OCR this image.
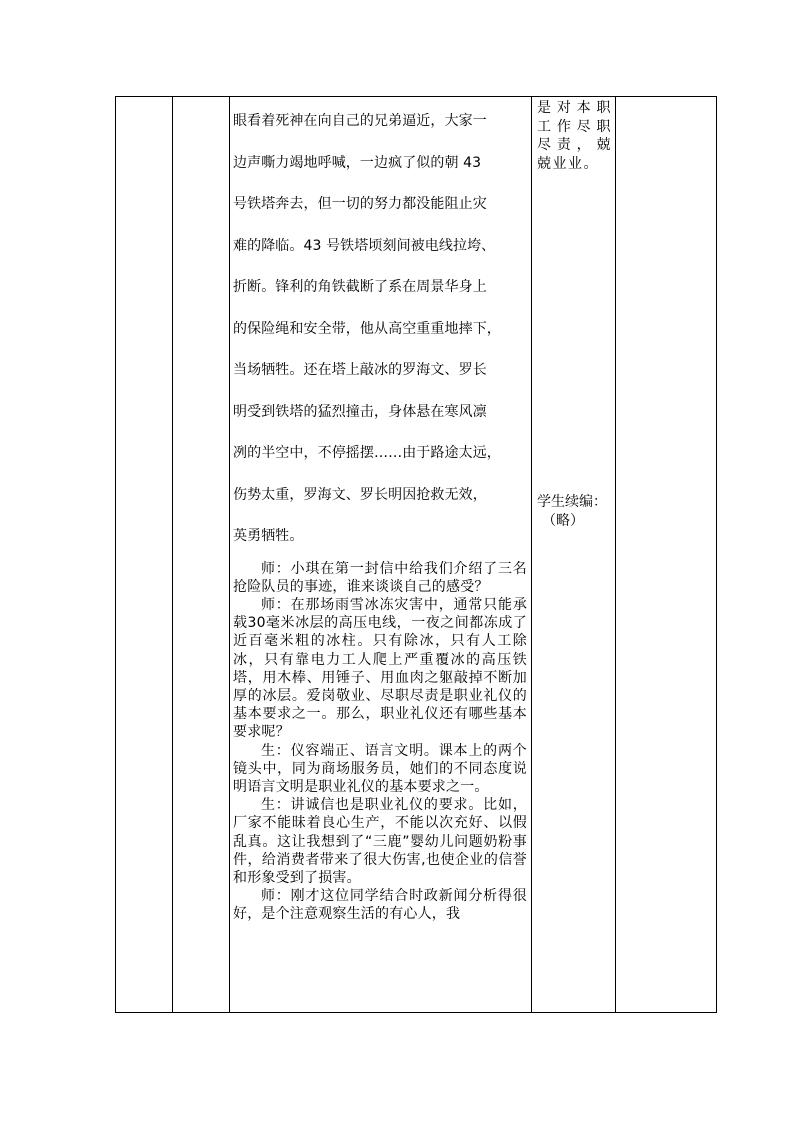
眼看着死神在向自己的兄弟逼近，大家一

边声嘶力竭地呼喊，一边疯了似的朝 43

号铁塔奔去，但一切的努力都没能阻止灾

难的降临。43 号铁塔顷刻间被电线拉垮、

折断。锋利的角铁截断了系在周景华身上

的保险绳和安全带，他从高空重重地摔下，

当场牺牲。还在塔上敲冰的罗海文、罗长

明受到铁塔的猛烈撞击，身体悬在寒风凛

冽的半空中，不停摇摆……由于路途太远，

伤势太重，罗海文、罗长明因抢救无效，

英勇牺牲。

师：小琪在第一封信中给我们介绍了三名抢险队员的事迹，谁来谈谈自己的感受？

师：在那场雨雪冰冻灾害中，通常只能承载30毫米冰层的高压电线，一夜之间都冻成了近百毫米粗的冰柱。只有除冰，只有人工除冰，只有靠电力工人爬上严重覆冰的高压铁塔，用木棒、用锤子、用血肉之躯敲掉不断加厚的冰层。爱岗敬业、尽职尽责是职业礼仪的基本要求之一。那么，职业礼仪还有哪些基本要求呢？

生：仪容端正、语言文明。课本上的两个镜头中，同为商场服务员，她们的不同态度说明语言文明是职业礼仪的基本要求之一。

生：讲诚信也是职业礼仪的要求。比如，厂家不能昧着良心生产，不能以次充好、以假乱真。这让我想到了“三鹿”婴幼儿问题奶粉事件，给消费者带来了很大伤害,也使企业的信誉和形象受到了损害。

师：刚才这位同学结合时政新闻分析得很好，是个注意观察生活的有心人，我

是对本职工作尽职尽责，兢兢业业。
学生续编：
（略）
